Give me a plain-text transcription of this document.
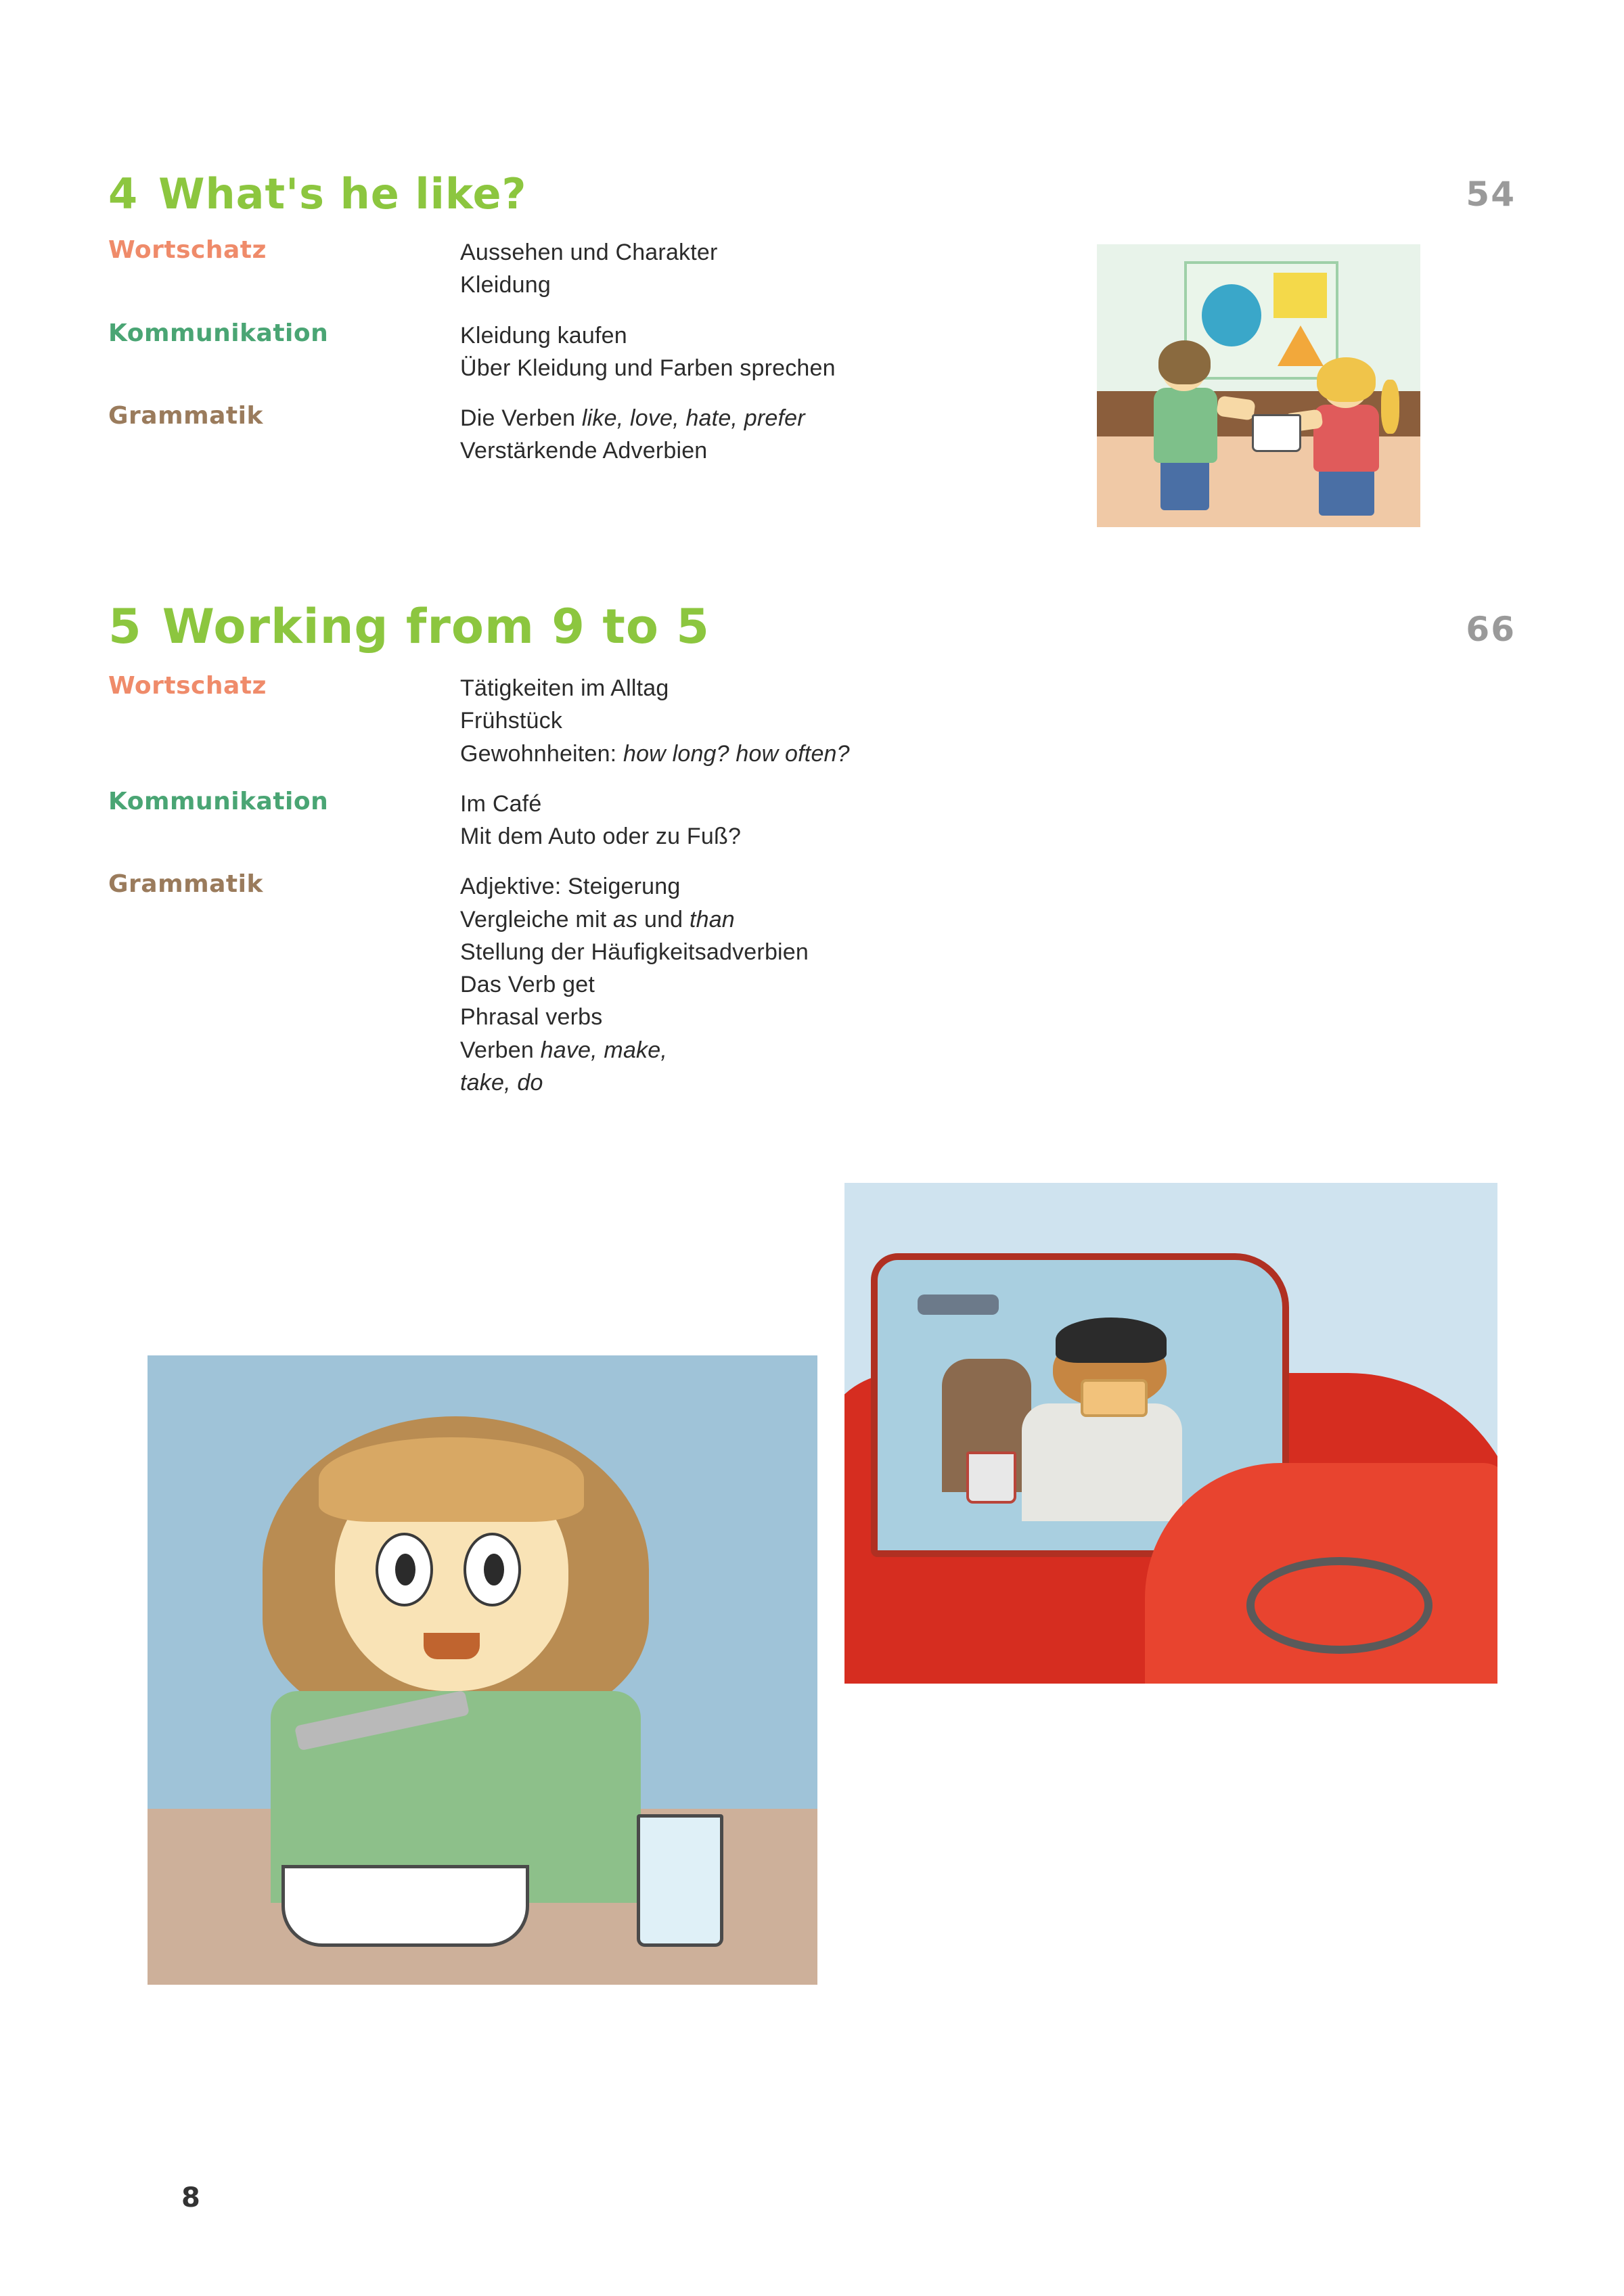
4 What's he like?	54
Wortschatz	Aussehen und Charakter
Kleidung
Kommunikation	Kleidung kaufen
Über Kleidung und Farben sprechen
Grammatik	Die Verben like, love, hate, prefer
Verstärkende Adverbien
5 Working from 9 to 5	66
Wortschatz	Tätigkeiten im Alltag
Frühstück
Gewohnheiten: how long? how often?
Kommunikation	Im Café
Mit dem Auto oder zu Fuß?
Grammatik	Adjektive: Steigerung
Vergleiche mit as und than
Stellung der Häufigkeitsadverbien
Das Verb get
Phrasal verbs
Verben have, make,
take, do
8
